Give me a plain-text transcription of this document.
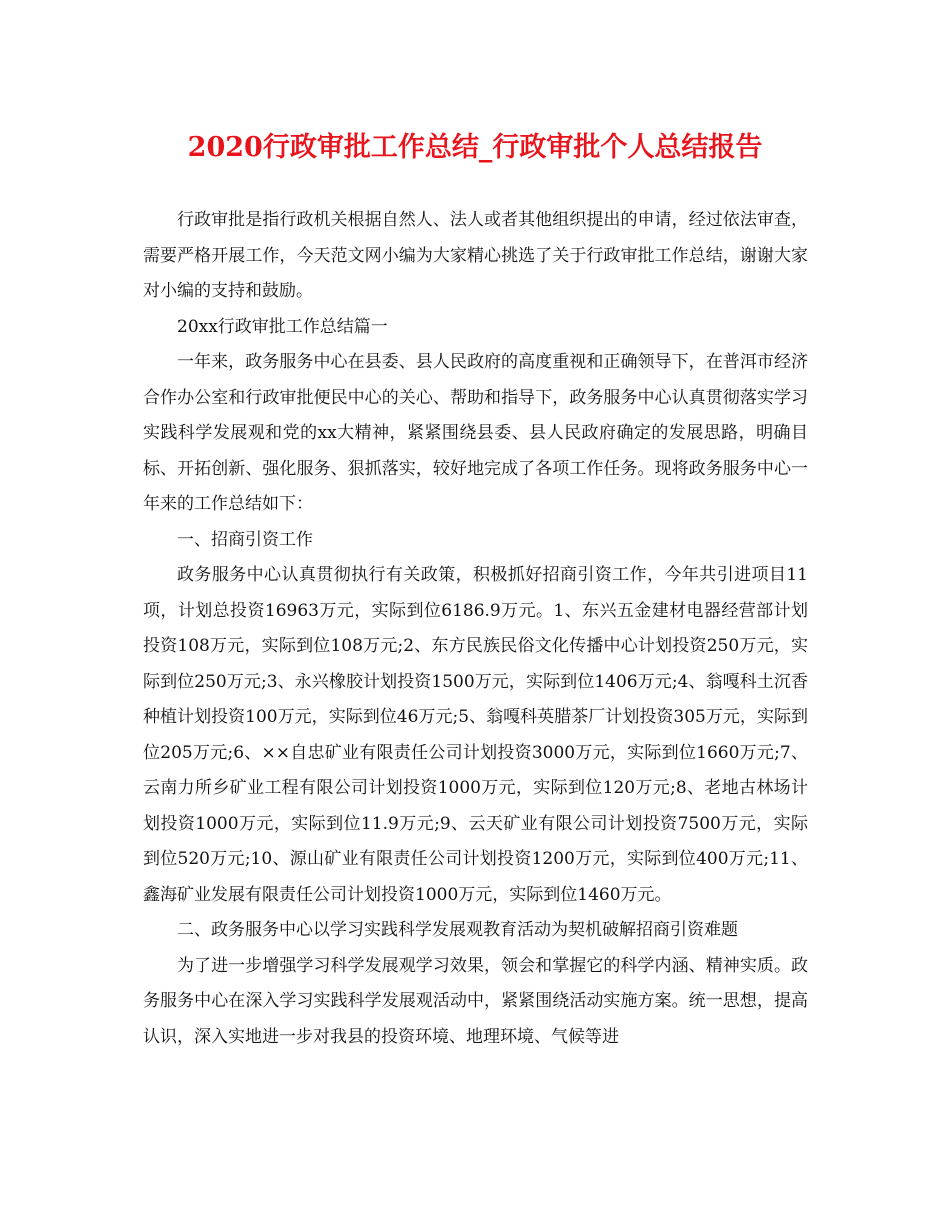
2020行政审批工作总结_行政审批个人总结报告

行政审批是指行政机关根据自然人、法人或者其他组织提出的申请，经过依法审查，需要严格开展工作，今天范文网小编为大家精心挑选了关于行政审批工作总结，谢谢大家对小编的支持和鼓励。

20xx行政审批工作总结篇一

一年来，政务服务中心在县委、县人民政府的高度重视和正确领导下，在普洱市经济合作办公室和行政审批便民中心的关心、帮助和指导下，政务服务中心认真贯彻落实学习实践科学发展观和党的xx大精神，紧紧围绕县委、县人民政府确定的发展思路，明确目标、开拓创新、强化服务、狠抓落实，较好地完成了各项工作任务。现将政务服务中心一年来的工作总结如下：

一、招商引资工作

政务服务中心认真贯彻执行有关政策，积极抓好招商引资工作，今年共引进项目11项，计划总投资16963万元，实际到位6186.9万元。1、东兴五金建材电器经营部计划投资108万元，实际到位108万元;2、东方民族民俗文化传播中心计划投资250万元，实际到位250万元;3、永兴橡胶计划投资1500万元，实际到位1406万元;4、翁嘎科土沉香种植计划投资100万元，实际到位46万元;5、翁嘎科英腊茶厂计划投资305万元，实际到位205万元;6、××自忠矿业有限责任公司计划投资3000万元，实际到位1660万元;7、云南力所乡矿业工程有限公司计划投资1000万元，实际到位120万元;8、老地古林场计划投资1000万元，实际到位11.9万元;9、云天矿业有限公司计划投资7500万元，实际到位520万元;10、源山矿业有限责任公司计划投资1200万元，实际到位400万元;11、鑫海矿业发展有限责任公司计划投资1000万元，实际到位1460万元。

二、政务服务中心以学习实践科学发展观教育活动为契机破解招商引资难题

为了进一步增强学习科学发展观学习效果，领会和掌握它的科学内涵、精神实质。政务服务中心在深入学习实践科学发展观活动中，紧紧围绕活动实施方案。统一思想，提高认识，深入实地进一步对我县的投资环境、地理环境、气候等进
